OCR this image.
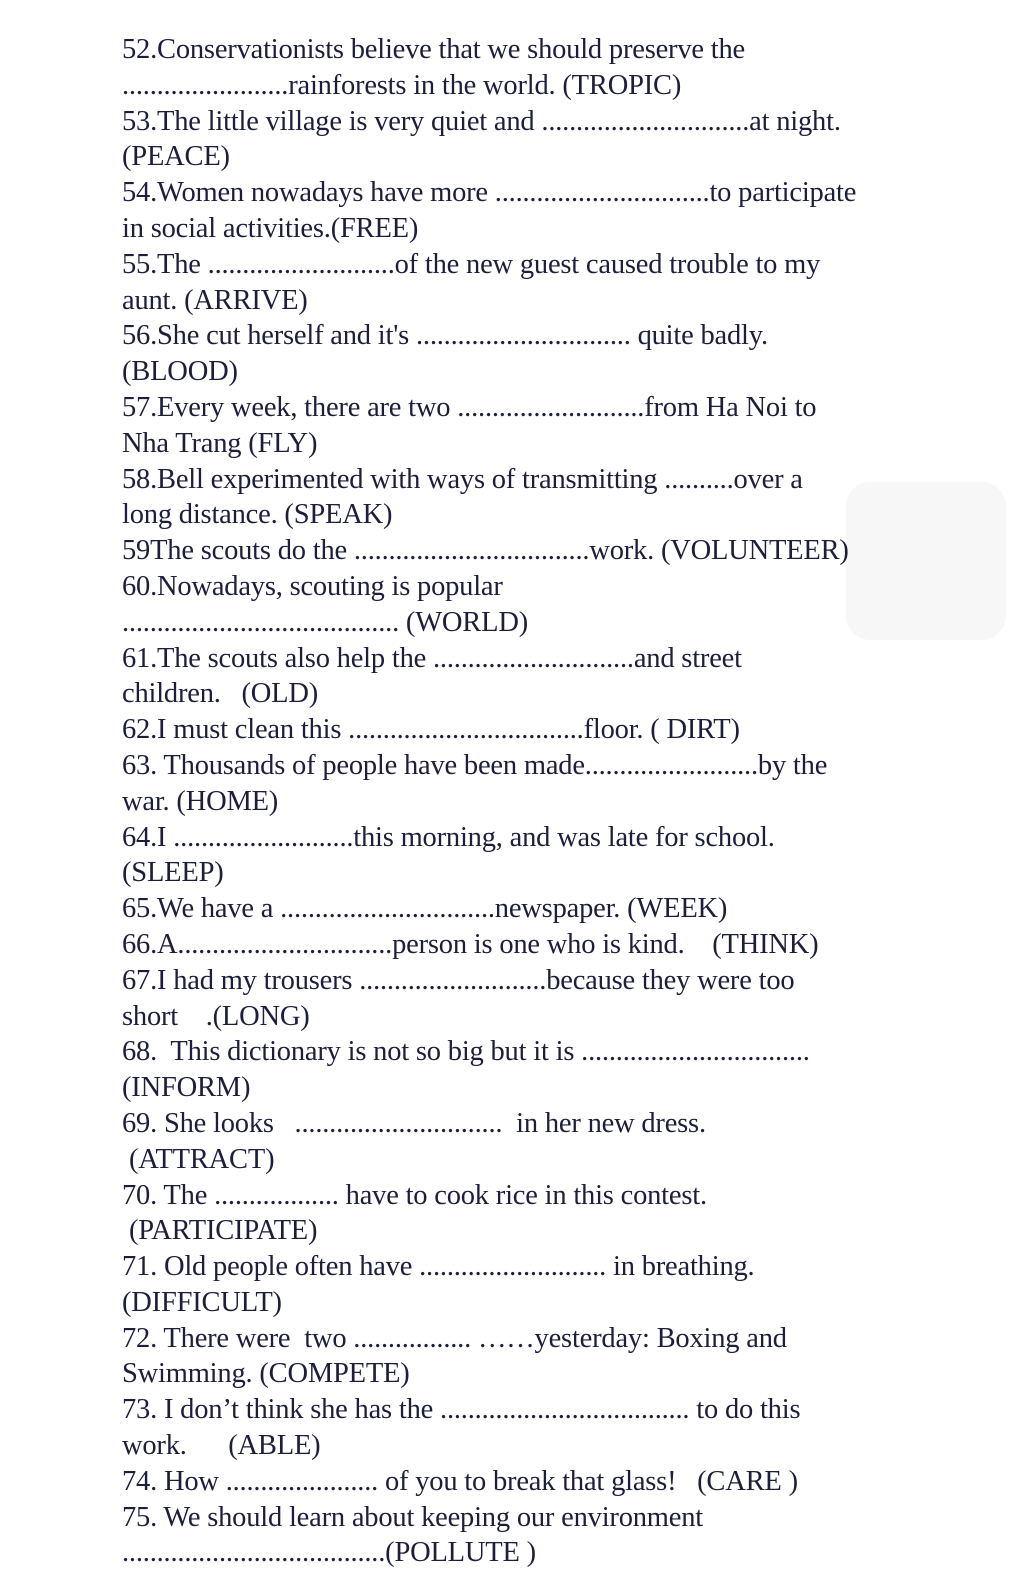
52.Conservationists believe that we should preserve the
........................rainforests in the world. (TROPIC)
53.The little village is very quiet and ..............................at night.
(PEACE)
54.Women nowadays have more ...............................to participate
in social activities.(FREE)
55.The ...........................of the new guest caused trouble to my
aunt. (ARRIVE)
56.She cut herself and it's ............................... quite badly.
(BLOOD)
57.Every week, there are two ...........................from Ha Noi to
Nha Trang (FLY)
58.Bell experimented with ways of transmitting ..........over a
long distance. (SPEAK)
59The scouts do the ..................................work. (VOLUNTEER)
60.Nowadays, scouting is popular
........................................ (WORLD)
61.The scouts also help the .............................and street
children.   (OLD)
62.I must clean this ..................................floor. ( DIRT)
63. Thousands of people have been made.........................by the
war. (HOME)
64.I ..........................this morning, and was late for school.
(SLEEP)
65.We have a ...............................newspaper. (WEEK)
66.A...............................person is one who is kind.    (THINK)
67.I had my trousers ...........................because they were too
short    .(LONG)
68.  This dictionary is not so big but it is .................................
(INFORM)
69. She looks   ..............................  in her new dress.
(ATTRACT)
70. The .................. have to cook rice in this contest.
(PARTICIPATE)
71. Old people often have ........................... in breathing.
(DIFFICULT)
72. There were  two ................. ……yesterday: Boxing and
Swimming. (COMPETE)
73. I don’t think she has the .................................... to do this
work.      (ABLE)
74. How ...................... of you to break that glass!   (CARE )
75. We should learn about keeping our environment
......................................(POLLUTE )
